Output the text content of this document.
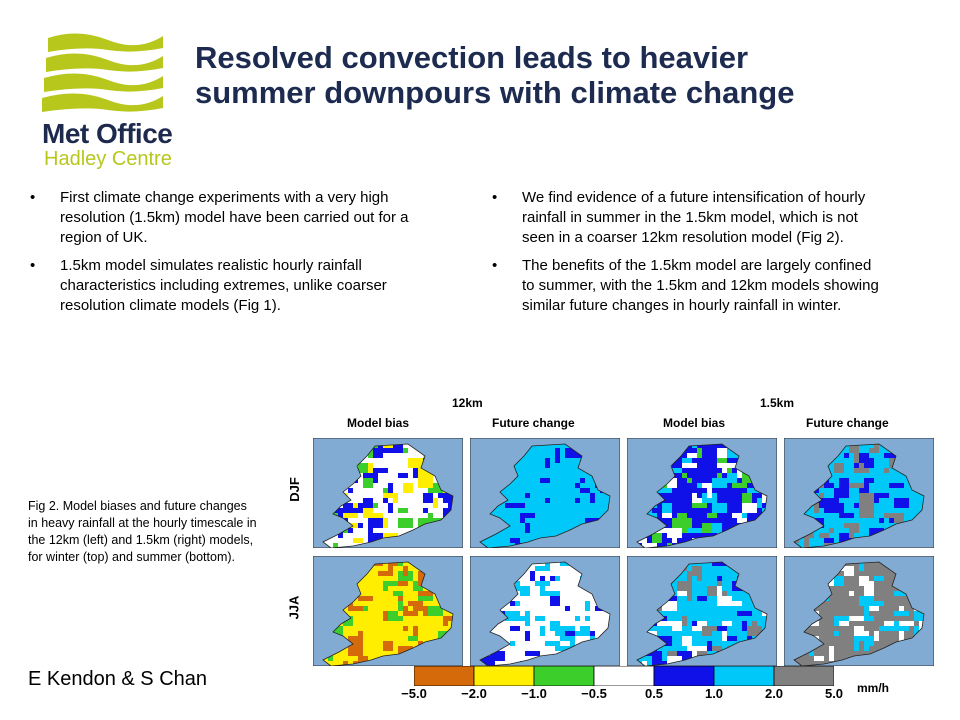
Met Office
Hadley Centre
Resolved convection leads to heavier
summer downpours with climate change
• First climate change experiments with a very high resolution (1.5km) model have been carried out for a region of UK.
• 1.5km model simulates realistic hourly rainfall characteristics including extremes, unlike coarser resolution climate models (Fig 1).
• We find evidence of a future intensification of hourly rainfall in summer in the 1.5km model, which is not seen in a coarser 12km resolution model (Fig 2).
• The benefits of the 1.5km model are largely confined to summer, with the 1.5km and 12km models showing similar future changes in hourly rainfall in winter.
Fig 2. Model biases and future changes in heavy rainfall at the hourly timescale in the 12km (left) and 1.5km (right) models, for winter (top) and summer (bottom).
E Kendon & S Chan
12km	1.5km
Model bias	Future change	Model bias	Future change
DJF
JJA
−5.0	−2.0	−1.0	−0.5	0.5	1.0	2.0	5.0 mm/h
